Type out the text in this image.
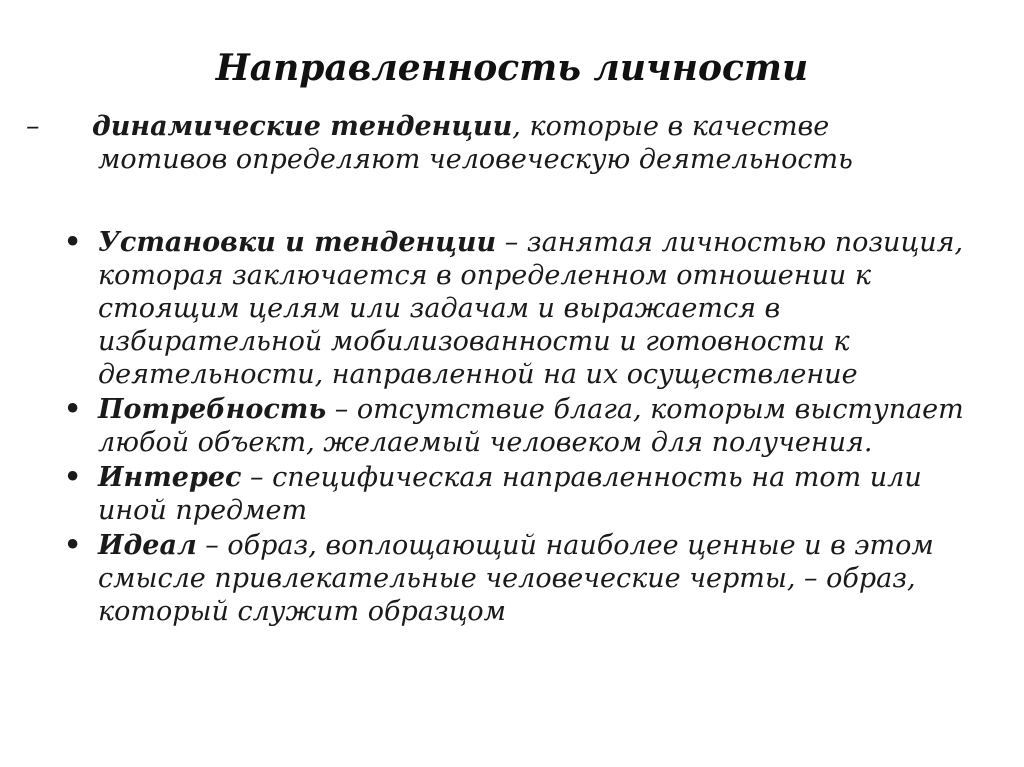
Направленность личности
– динамические тенденции, которые в качестве мотивов определяют человеческую деятельность
• Установки и тенденции – занятая личностью позиция, которая заключается в определенном отношении к стоящим целям или задачам и выражается в избирательной мобилизованности и готовности к деятельности, направленной на их осуществление
• Потребность – отсутствие блага, которым выступает любой объект, желаемый человеком для получения.
• Интерес – специфическая направленность на тот или иной предмет
• Идеал – образ, воплощающий наиболее ценные и в этом смысле привлекательные человеческие черты, – образ, который служит образцом
